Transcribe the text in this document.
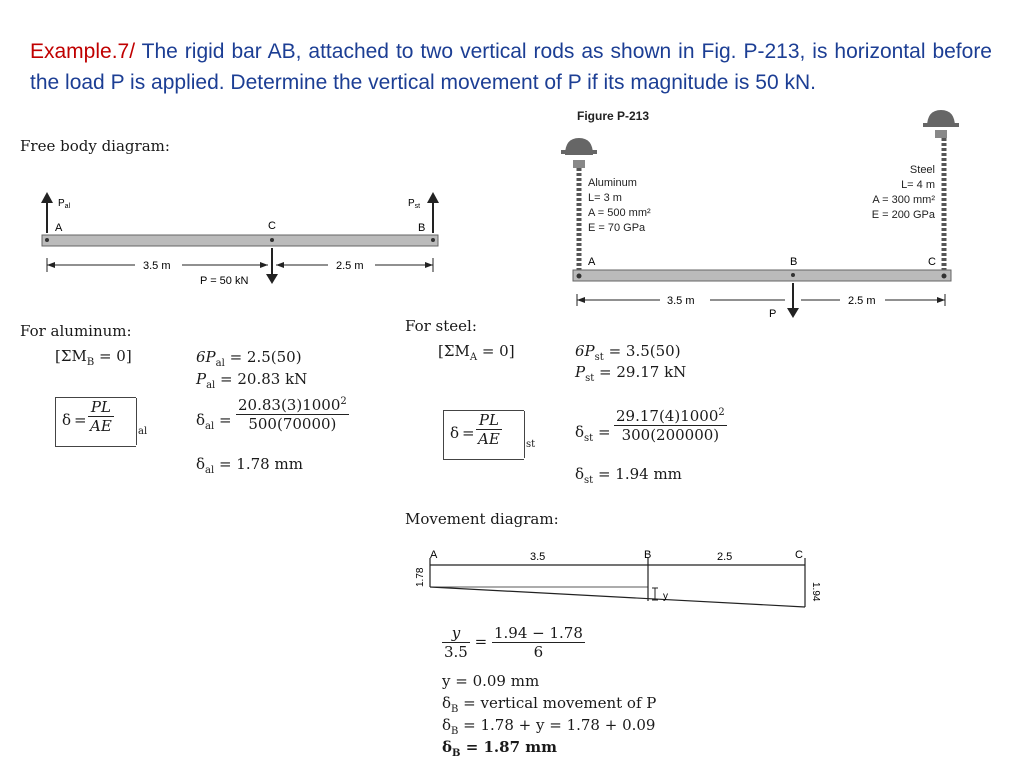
Example.7/ The rigid bar AB, attached to two vertical rods as shown in Fig. P-213, is horizontal before the load P is applied. Determine the vertical movement of P if its magnitude is 50 kN.
Figure P-213
Aluminum
L= 3 m
A = 500 mm²
E = 70 GPa
Steel
L= 4 m
A = 300 mm²
E = 200 GPa
A	B	C
P
3.5 m	2.5 m
Free body diagram:
$P_{al}$	$P_{st}$
A	C	B
3.5 m	2.5 m
P = 50 kN
For aluminum:
$[\Sigma M_B = 0]$	$6P_{al} = 2.5(50)$
$P_{al} = 20.83$ kN
$\delta = \frac{PL}{AE}$ al
$\delta_{al} = \frac{20.83(3)1000^2}{500(70000)}$
$\delta_{al} = 1.78$ mm
For steel:
$[\Sigma M_A = 0]$	$6P_{st} = 3.5(50)$
$P_{st} = 29.17$ kN
$\delta = \frac{PL}{AE}$ st
$\delta_{st} = \frac{29.17(4)1000^2}{300(200000)}$
$\delta_{st} = 1.94$ mm
Movement diagram:
A	B	C
3.5	2.5
y
1.78
1.94
$\frac{y}{3.5} = \frac{1.94 - 1.78}{6}$
y = 0.09 mm
$\delta_B$ = vertical movement of P
$\delta_B = 1.78 + y = 1.78 + 0.09$
$\delta_B = 1.87$ mm
